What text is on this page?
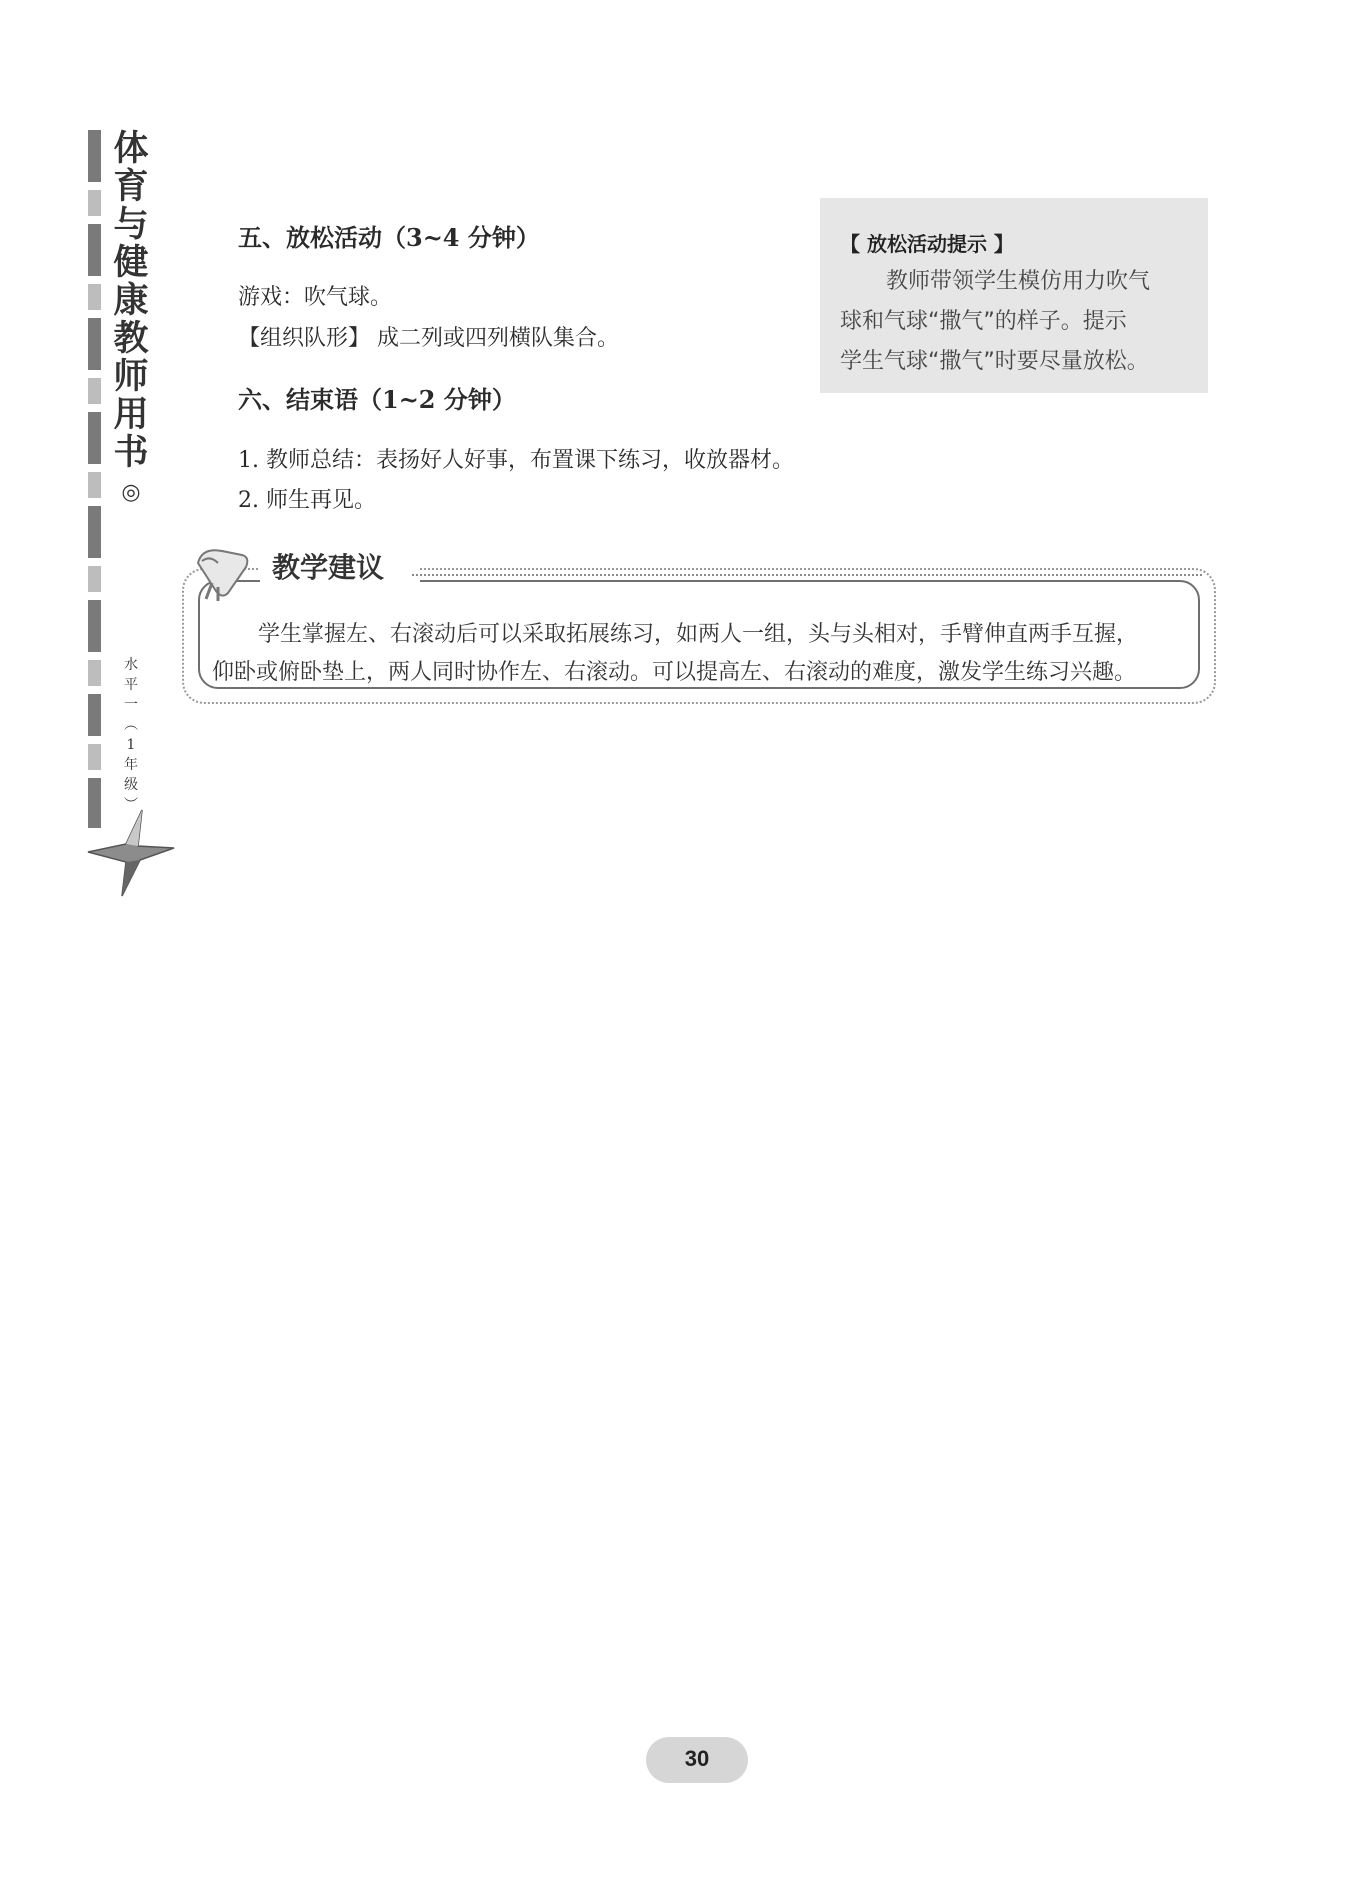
体
育
与
健
康
教
师
用
书
◎
水
平
一
︵
1
年
级
︶
五、放松活动（3~4 分钟）
游戏：吹气球。
【组织队形】 成二列或四列横队集合。
六、结束语（1~2 分钟）
1. 教师总结：表扬好人好事，布置课下练习，收放器材。
2. 师生再见。
【 放松活动提示 】
教师带领学生模仿用力吹气
球和气球“撒气”的样子。提示
学生气球“撒气”时要尽量放松。
教学建议
学生掌握左、右滚动后可以采取拓展练习，如两人一组，头与头相对，手臂伸直两手互握，
仰卧或俯卧垫上，两人同时协作左、右滚动。可以提高左、右滚动的难度，激发学生练习兴趣。
30
